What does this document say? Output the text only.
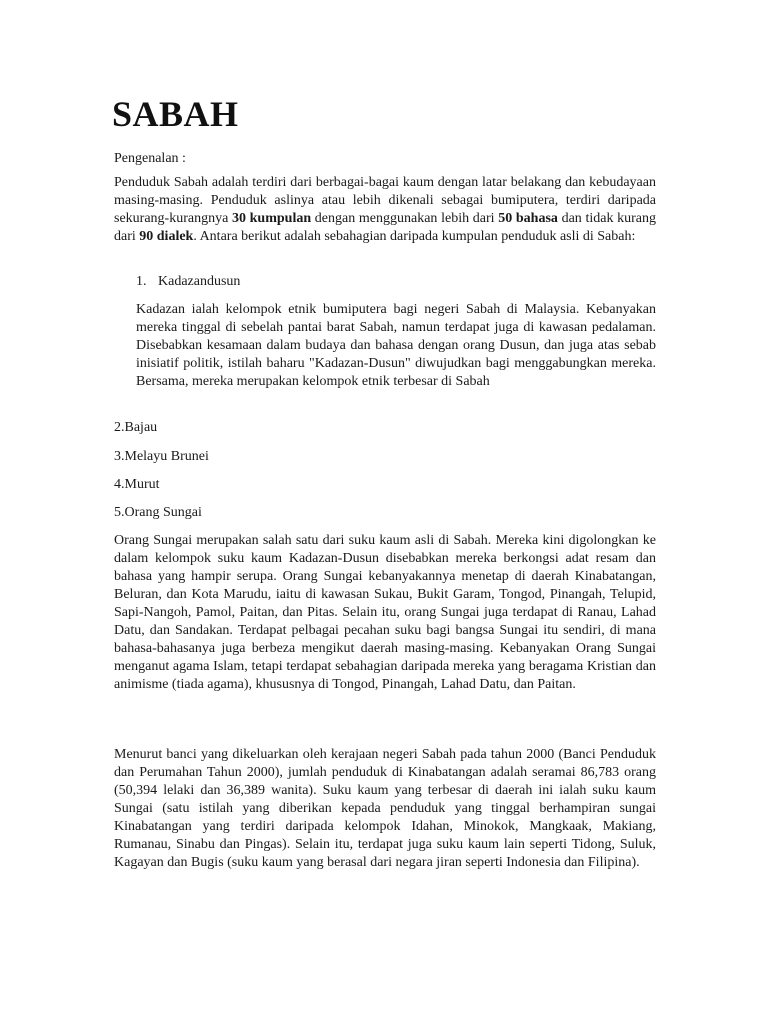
SABAH

Pengenalan :

Penduduk Sabah adalah terdiri dari berbagai-bagai kaum dengan latar belakang dan kebudayaan masing-masing. Penduduk aslinya atau lebih dikenali sebagai bumiputera, terdiri daripada sekurang-kurangnya 30 kumpulan dengan menggunakan lebih dari 50 bahasa dan tidak kurang dari 90 dialek. Antara berikut adalah sebahagian daripada kumpulan penduduk asli di Sabah:

1. Kadazandusun

Kadazan ialah kelompok etnik bumiputera bagi negeri Sabah di Malaysia. Kebanyakan mereka tinggal di sebelah pantai barat Sabah, namun terdapat juga di kawasan pedalaman. Disebabkan kesamaan dalam budaya dan bahasa dengan orang Dusun, dan juga atas sebab inisiatif politik, istilah baharu "Kadazan-Dusun" diwujudkan bagi menggabungkan mereka. Bersama, mereka merupakan kelompok etnik terbesar di Sabah

2.Bajau

3.Melayu Brunei

4.Murut

5.Orang Sungai

Orang Sungai merupakan salah satu dari suku kaum asli di Sabah. Mereka kini digolongkan ke dalam kelompok suku kaum Kadazan-Dusun disebabkan mereka berkongsi adat resam dan bahasa yang hampir serupa. Orang Sungai kebanyakannya menetap di daerah Kinabatangan, Beluran, dan Kota Marudu, iaitu di kawasan Sukau, Bukit Garam, Tongod, Pinangah, Telupid, Sapi-Nangoh, Pamol, Paitan, dan Pitas. Selain itu, orang Sungai juga terdapat di Ranau, Lahad Datu, dan Sandakan. Terdapat pelbagai pecahan suku bagi bangsa Sungai itu sendiri, di mana bahasa-bahasanya juga berbeza mengikut daerah masing-masing. Kebanyakan Orang Sungai menganut agama Islam, tetapi terdapat sebahagian daripada mereka yang beragama Kristian dan animisme (tiada agama), khususnya di Tongod, Pinangah, Lahad Datu, dan Paitan.

Menurut banci yang dikeluarkan oleh kerajaan negeri Sabah pada tahun 2000 (Banci Penduduk dan Perumahan Tahun 2000), jumlah penduduk di Kinabatangan adalah seramai 86,783 orang (50,394 lelaki dan 36,389 wanita). Suku kaum yang terbesar di daerah ini ialah suku kaum Sungai (satu istilah yang diberikan kepada penduduk yang tinggal berhampiran sungai Kinabatangan yang terdiri daripada kelompok Idahan, Minokok, Mangkaak, Makiang, Rumanau, Sinabu dan Pingas). Selain itu, terdapat juga suku kaum lain seperti Tidong, Suluk, Kagayan dan Bugis (suku kaum yang berasal dari negara jiran seperti Indonesia dan Filipina).
